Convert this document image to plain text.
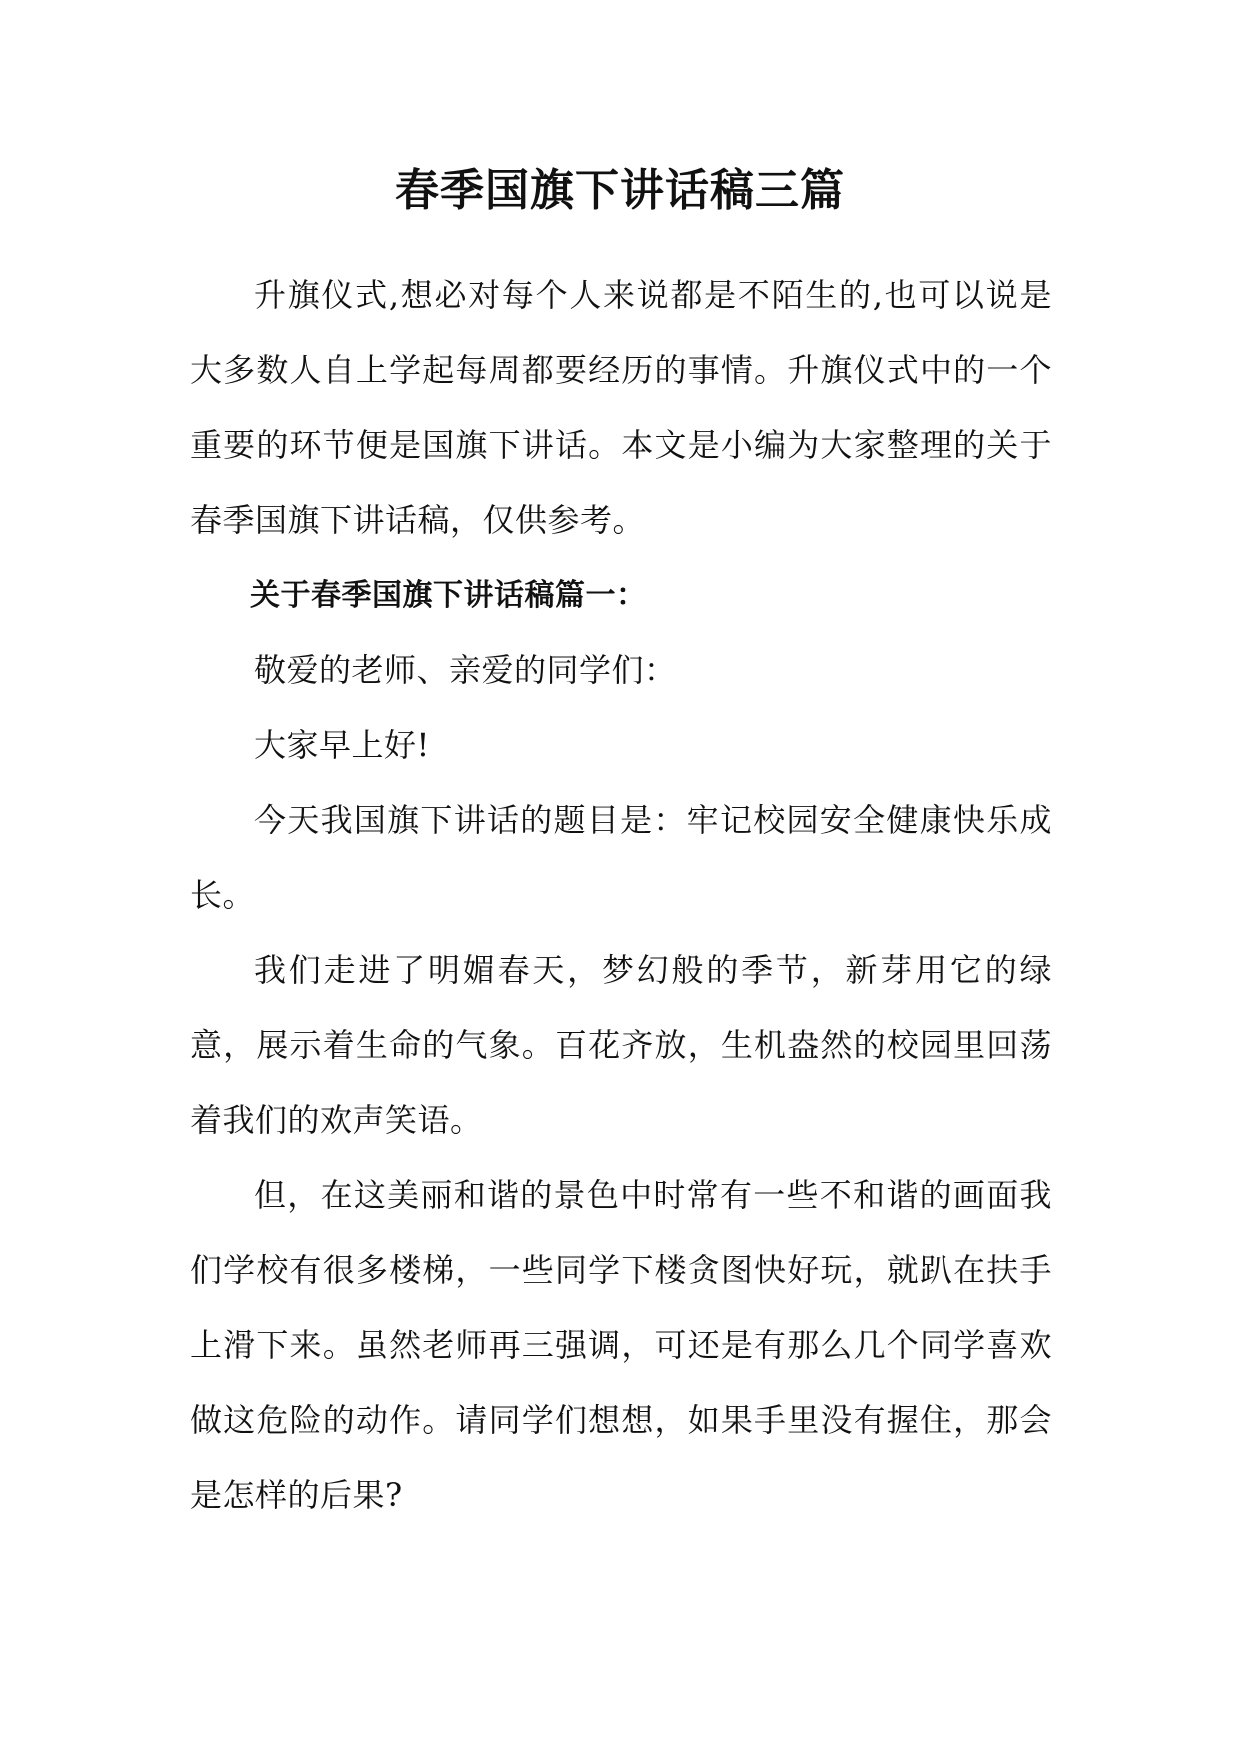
春季国旗下讲话稿三篇

升旗仪式,想必对每个人来说都是不陌生的,也可以说是大多数人自上学起每周都要经历的事情。升旗仪式中的一个重要的环节便是国旗下讲话。本文是小编为大家整理的关于春季国旗下讲话稿，仅供参考。

关于春季国旗下讲话稿篇一：

敬爱的老师、亲爱的同学们：

大家早上好!

今天我国旗下讲话的题目是：牢记校园安全健康快乐成长。

我们走进了明媚春天，梦幻般的季节，新芽用它的绿意，展示着生命的气象。百花齐放，生机盎然的校园里回荡着我们的欢声笑语。

但，在这美丽和谐的景色中时常有一些不和谐的画面我们学校有很多楼梯，一些同学下楼贪图快好玩，就趴在扶手上滑下来。虽然老师再三强调，可还是有那么几个同学喜欢做这危险的动作。请同学们想想，如果手里没有握住，那会是怎样的后果?
